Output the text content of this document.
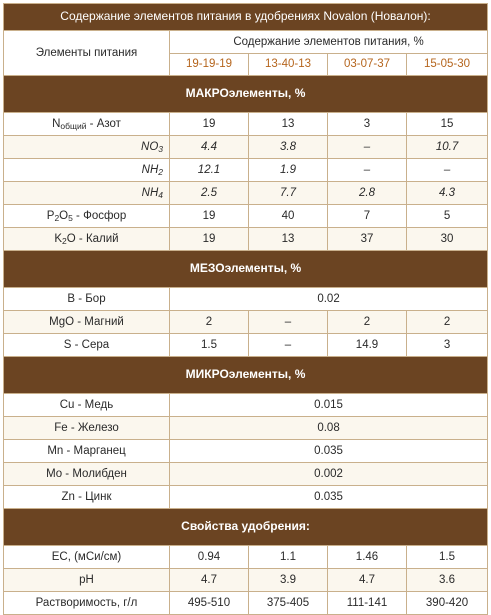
Содержание элементов питания в удобрениях Novalon (Новалон):				
Элементы питания	Содержание элементов питания, %			
	19-19-19	13-40-13	03-07-37	15-05-30
МАКРОэлементы, %				
$N_{общий}$ - Азот	19	13	3	15
$NO_3$	4.4	3.8	–	10.7
$NH_2$	12.1	1.9	–	–
$NH_4$	2.5	7.7	2.8	4.3
$P_2O_5$ - Фосфор	19	40	7	5
$K_2O$ - Калий	19	13	37	30
МЕЗОэлементы, %				
B - Бор	0.02			
MgO - Магний	2	–	2	2
S - Сера	1.5	–	14.9	3
МИКРОэлементы, %				
Cu - Медь	0.015			
Fe - Железо	0.08			
Mn - Марганец	0.035			
Mo - Молибден	0.002			
Zn - Цинк	0.035			
Свойства удобрения:				
EC, (мСи/см)	0.94	1.1	1.46	1.5
pH	4.7	3.9	4.7	3.6
Растворимость, г/л	495-510	375-405	111-141	390-420
